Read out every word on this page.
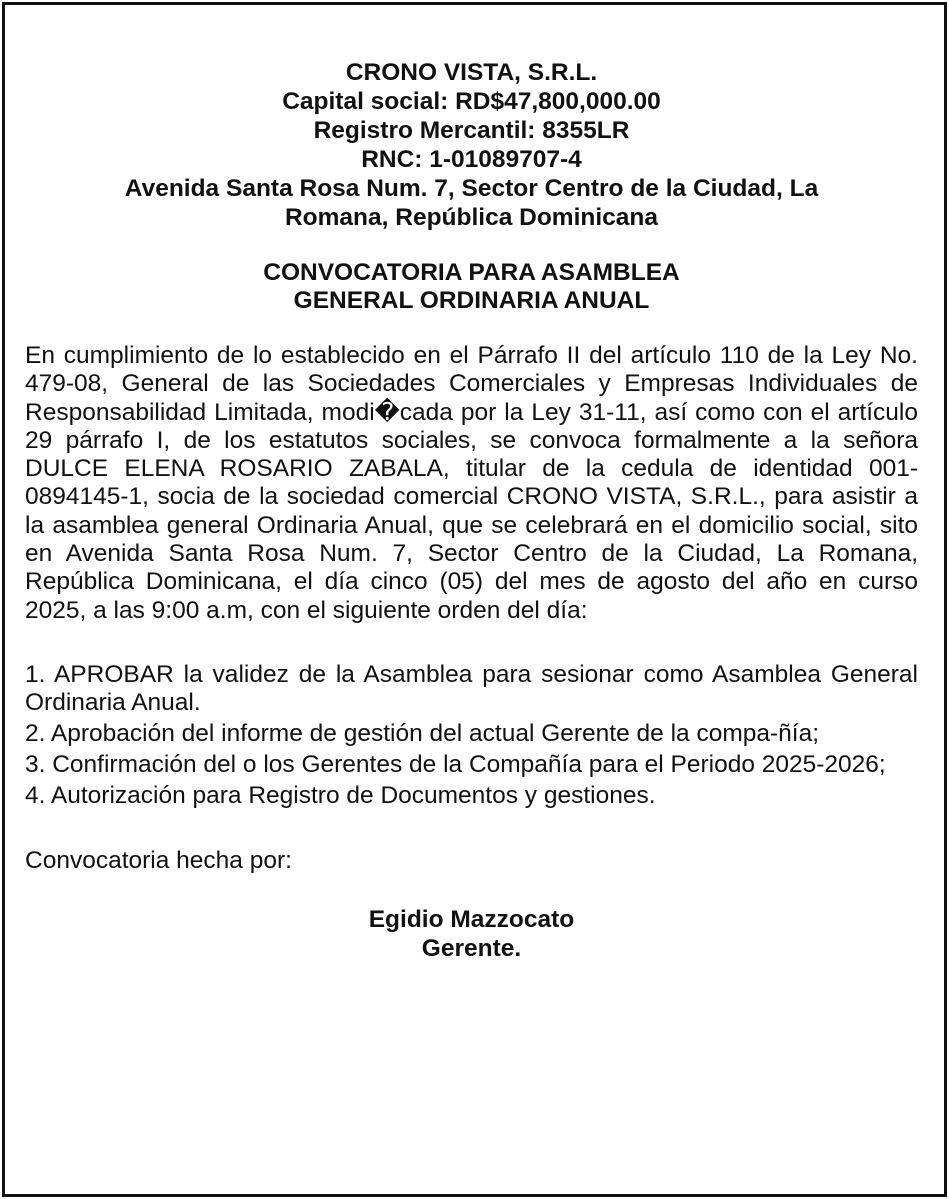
CRONO VISTA, S.R.L.
Capital social: RD$47,800,000.00
Registro Mercantil: 8355LR
RNC: 1-01089707-4
Avenida Santa Rosa Num. 7, Sector Centro de la Ciudad, La
Romana, República Dominicana
CONVOCATORIA PARA ASAMBLEA
GENERAL ORDINARIA ANUAL
En cumplimiento de lo establecido en el Párrafo II del artículo 110 de la Ley No. 479-08, General de las Sociedades Comerciales y Empresas Individuales de Responsabilidad Limitada, modi�cada por la Ley 31-11, así como con el artículo 29 párrafo I, de los estatutos sociales, se convoca formalmente a la señora DULCE ELENA ROSARIO ZABALA, titular de la cedula de identidad 001-0894145-1, socia de la sociedad comercial CRONO VISTA, S.R.L., para asistir a la asamblea general Ordinaria Anual, que se celebrará en el domicilio social, sito en Avenida Santa Rosa Num. 7, Sector Centro de la Ciudad, La Romana, República Dominicana, el día cinco (05) del mes de agosto del año en curso 2025, a las 9:00 a.m, con el siguiente orden del día:
1. APROBAR la validez de la Asamblea para sesionar como Asamblea General Ordinaria Anual.
2. Aprobación del informe de gestión del actual Gerente de la compa-ñía;
3. Confirmación del o los Gerentes de la Compañía para el Periodo 2025-2026;
4. Autorización para Registro de Documentos y gestiones.
Convocatoria hecha por:
Egidio Mazzocato
Gerente.
